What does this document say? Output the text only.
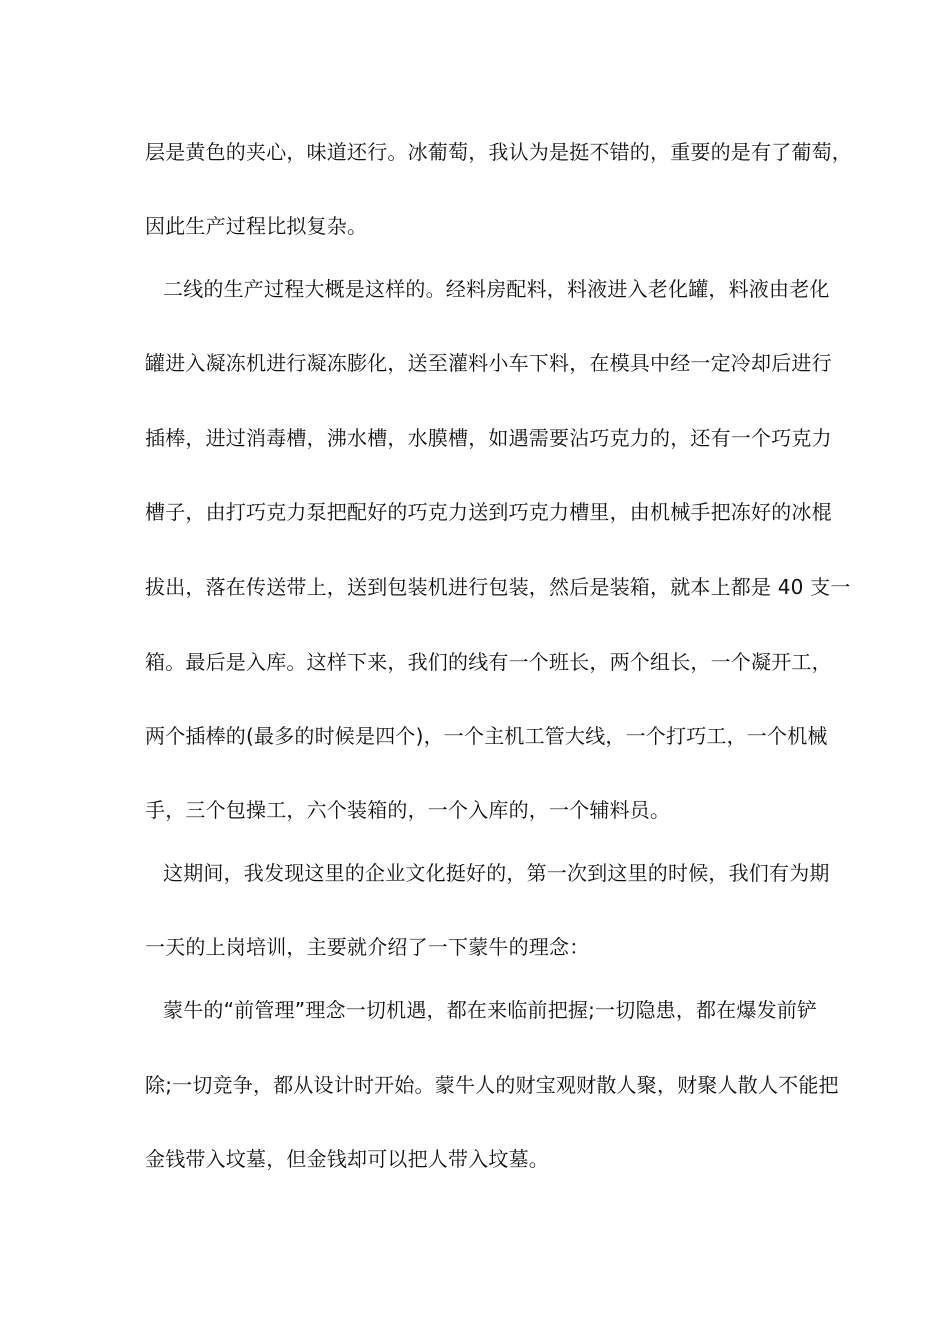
层是黄色的夹心，味道还行。冰葡萄，我认为是挺不错的，重要的是有了葡萄，
因此生产过程比拟复杂。
二线的生产过程大概是这样的。经料房配料，料液进入老化罐，料液由老化
罐进入凝冻机进行凝冻膨化，送至灌料小车下料，在模具中经一定冷却后进行
插棒，进过消毒槽，沸水槽，水膜槽，如遇需要沾巧克力的，还有一个巧克力
槽子，由打巧克力泵把配好的巧克力送到巧克力槽里，由机械手把冻好的冰棍
拔出，落在传送带上，送到包装机进行包装，然后是装箱，就本上都是 40 支一
箱。最后是入库。这样下来，我们的线有一个班长，两个组长，一个凝开工，
两个插棒的(最多的时候是四个)，一个主机工管大线，一个打巧工，一个机械
手，三个包操工，六个装箱的，一个入库的，一个辅料员。
这期间，我发现这里的企业文化挺好的，第一次到这里的时候，我们有为期
一天的上岗培训，主要就介绍了一下蒙牛的理念：
蒙牛的“前管理”理念一切机遇，都在来临前把握;一切隐患，都在爆发前铲
除;一切竞争，都从设计时开始。蒙牛人的财宝观财散人聚，财聚人散人不能把
金钱带入坟墓，但金钱却可以把人带入坟墓。
